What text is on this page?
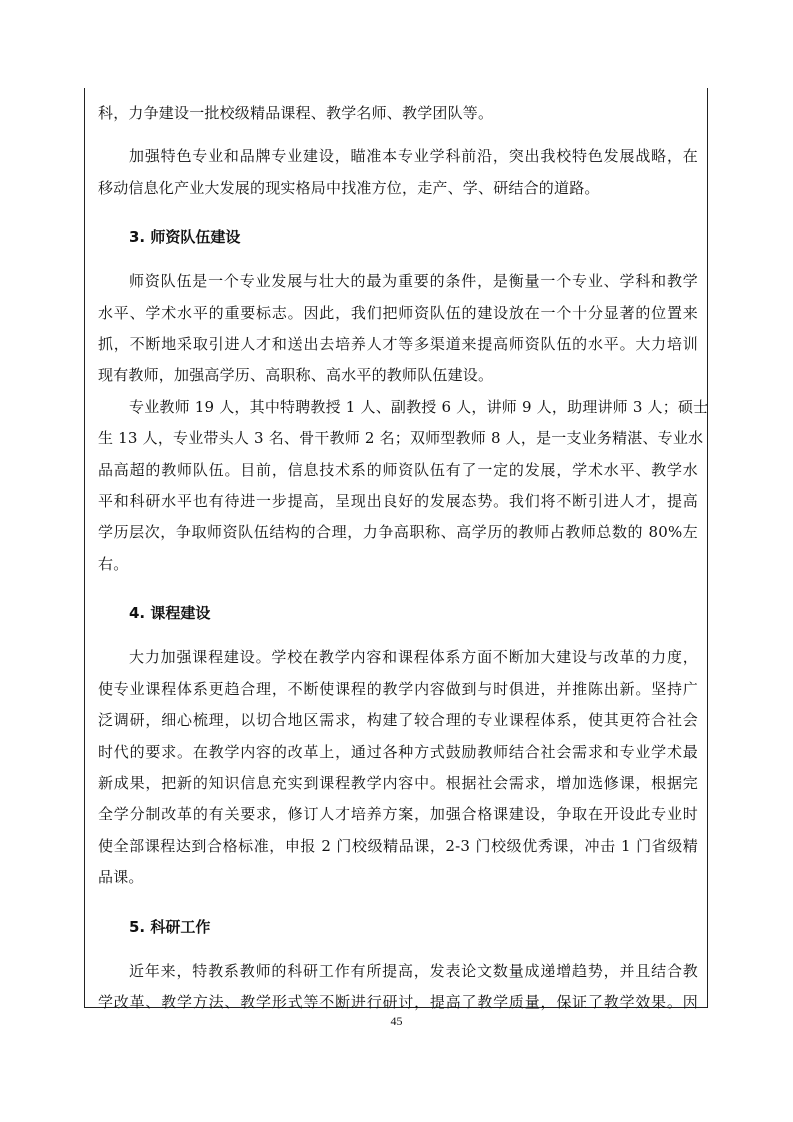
科，力争建设一批校级精品课程、教学名师、教学团队等。

加强特色专业和品牌专业建设，瞄准本专业学科前沿，突出我校特色发展战略，在

移动信息化产业大发展的现实格局中找准方位，走产、学、研结合的道路。

3. 师资队伍建设

师资队伍是一个专业发展与壮大的最为重要的条件，是衡量一个专业、学科和教学

水平、学术水平的重要标志。因此，我们把师资队伍的建设放在一个十分显著的位置来

抓，不断地采取引进人才和送出去培养人才等多渠道来提高师资队伍的水平。大力培训

现有教师，加强高学历、高职称、高水平的教师队伍建设。

专业教师 19 人，其中特聘教授 1 人、副教授 6 人，讲师 9 人，助理讲师 3 人；硕士

生 13 人，专业带头人 3 名、骨干教师 2 名；双师型教师 8 人，是一支业务精湛、专业水

品高超的教师队伍。目前，信息技术系的师资队伍有了一定的发展，学术水平、教学水

平和科研水平也有待进一步提高，呈现出良好的发展态势。我们将不断引进人才，提高

学历层次，争取师资队伍结构的合理，力争高职称、高学历的教师占教师总数的 80%左

右。

4. 课程建设

大力加强课程建设。学校在教学内容和课程体系方面不断加大建设与改革的力度，

使专业课程体系更趋合理，不断使课程的教学内容做到与时俱进，并推陈出新。坚持广

泛调研，细心梳理，以切合地区需求，构建了较合理的专业课程体系，使其更符合社会

时代的要求。在教学内容的改革上，通过各种方式鼓励教师结合社会需求和专业学术最

新成果，把新的知识信息充实到课程教学内容中。根据社会需求，增加选修课，根据完

全学分制改革的有关要求，修订人才培养方案，加强合格课建设，争取在开设此专业时

使全部课程达到合格标准，申报 2 门校级精品课，2-3 门校级优秀课，冲击 1 门省级精

品课。

5. 科研工作

近年来，特教系教师的科研工作有所提高，发表论文数量成递增趋势，并且结合教

学改革、教学方法、教学形式等不断进行研讨，提高了教学质量，保证了教学效果。因

45
